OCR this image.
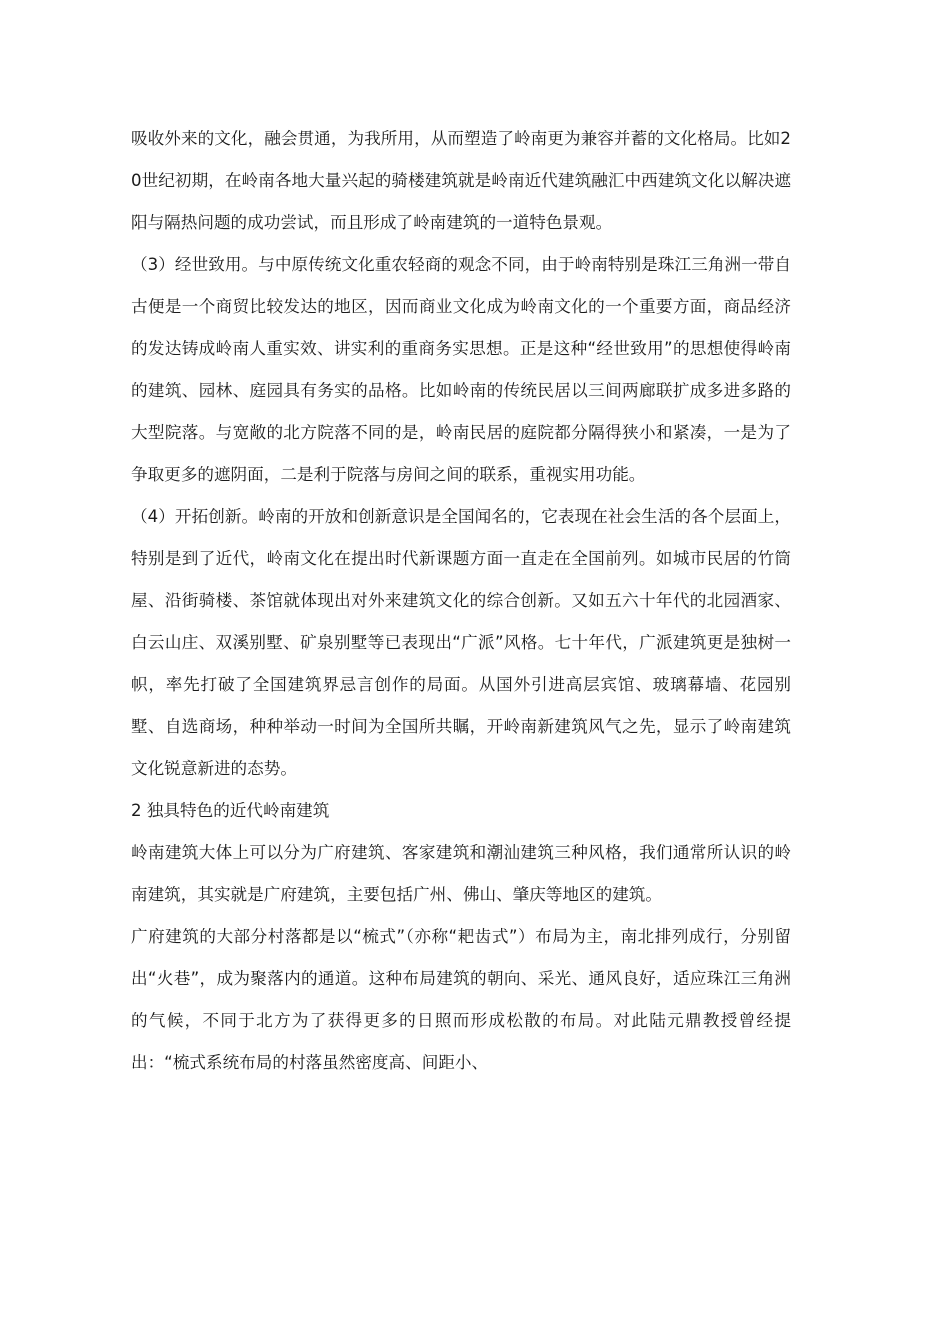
吸收外来的文化，融会贯通，为我所用，从而塑造了岭南更为兼容并蓄的文化格局。比如20世纪初期，在岭南各地大量兴起的骑楼建筑就是岭南近代建筑融汇中西建筑文化以解决遮阳与隔热问题的成功尝试，而且形成了岭南建筑的一道特色景观。

（3）经世致用。与中原传统文化重农轻商的观念不同，由于岭南特别是珠江三角洲一带自古便是一个商贸比较发达的地区，因而商业文化成为岭南文化的一个重要方面，商品经济的发达铸成岭南人重实效、讲实利的重商务实思想。正是这种“经世致用”的思想使得岭南的建筑、园林、庭园具有务实的品格。比如岭南的传统民居以三间两廊联扩成多进多路的大型院落。与宽敞的北方院落不同的是，岭南民居的庭院都分隔得狭小和紧凑，一是为了争取更多的遮阴面，二是利于院落与房间之间的联系，重视实用功能。

（4）开拓创新。岭南的开放和创新意识是全国闻名的，它表现在社会生活的各个层面上，特别是到了近代，岭南文化在提出时代新课题方面一直走在全国前列。如城市民居的竹筒屋、沿街骑楼、茶馆就体现出对外来建筑文化的综合创新。又如五六十年代的北园酒家、白云山庄、双溪别墅、矿泉别墅等已表现出“广派”风格。七十年代，广派建筑更是独树一帜，率先打破了全国建筑界忌言创作的局面。从国外引进高层宾馆、玻璃幕墙、花园别墅、自选商场，种种举动一时间为全国所共瞩，开岭南新建筑风气之先，显示了岭南建筑文化锐意新进的态势。

2 独具特色的近代岭南建筑

岭南建筑大体上可以分为广府建筑、客家建筑和潮汕建筑三种风格，我们通常所认识的岭南建筑，其实就是广府建筑，主要包括广州、佛山、肇庆等地区的建筑。

广府建筑的大部分村落都是以“梳式”（亦称“耙齿式”）布局为主，南北排列成行，分别留出“火巷”，成为聚落内的通道。这种布局建筑的朝向、采光、通风良好，适应珠江三角洲的气候，不同于北方为了获得更多的日照而形成松散的布局。对此陆元鼎教授曾经提出：“梳式系统布局的村落虽然密度高、间距小、
